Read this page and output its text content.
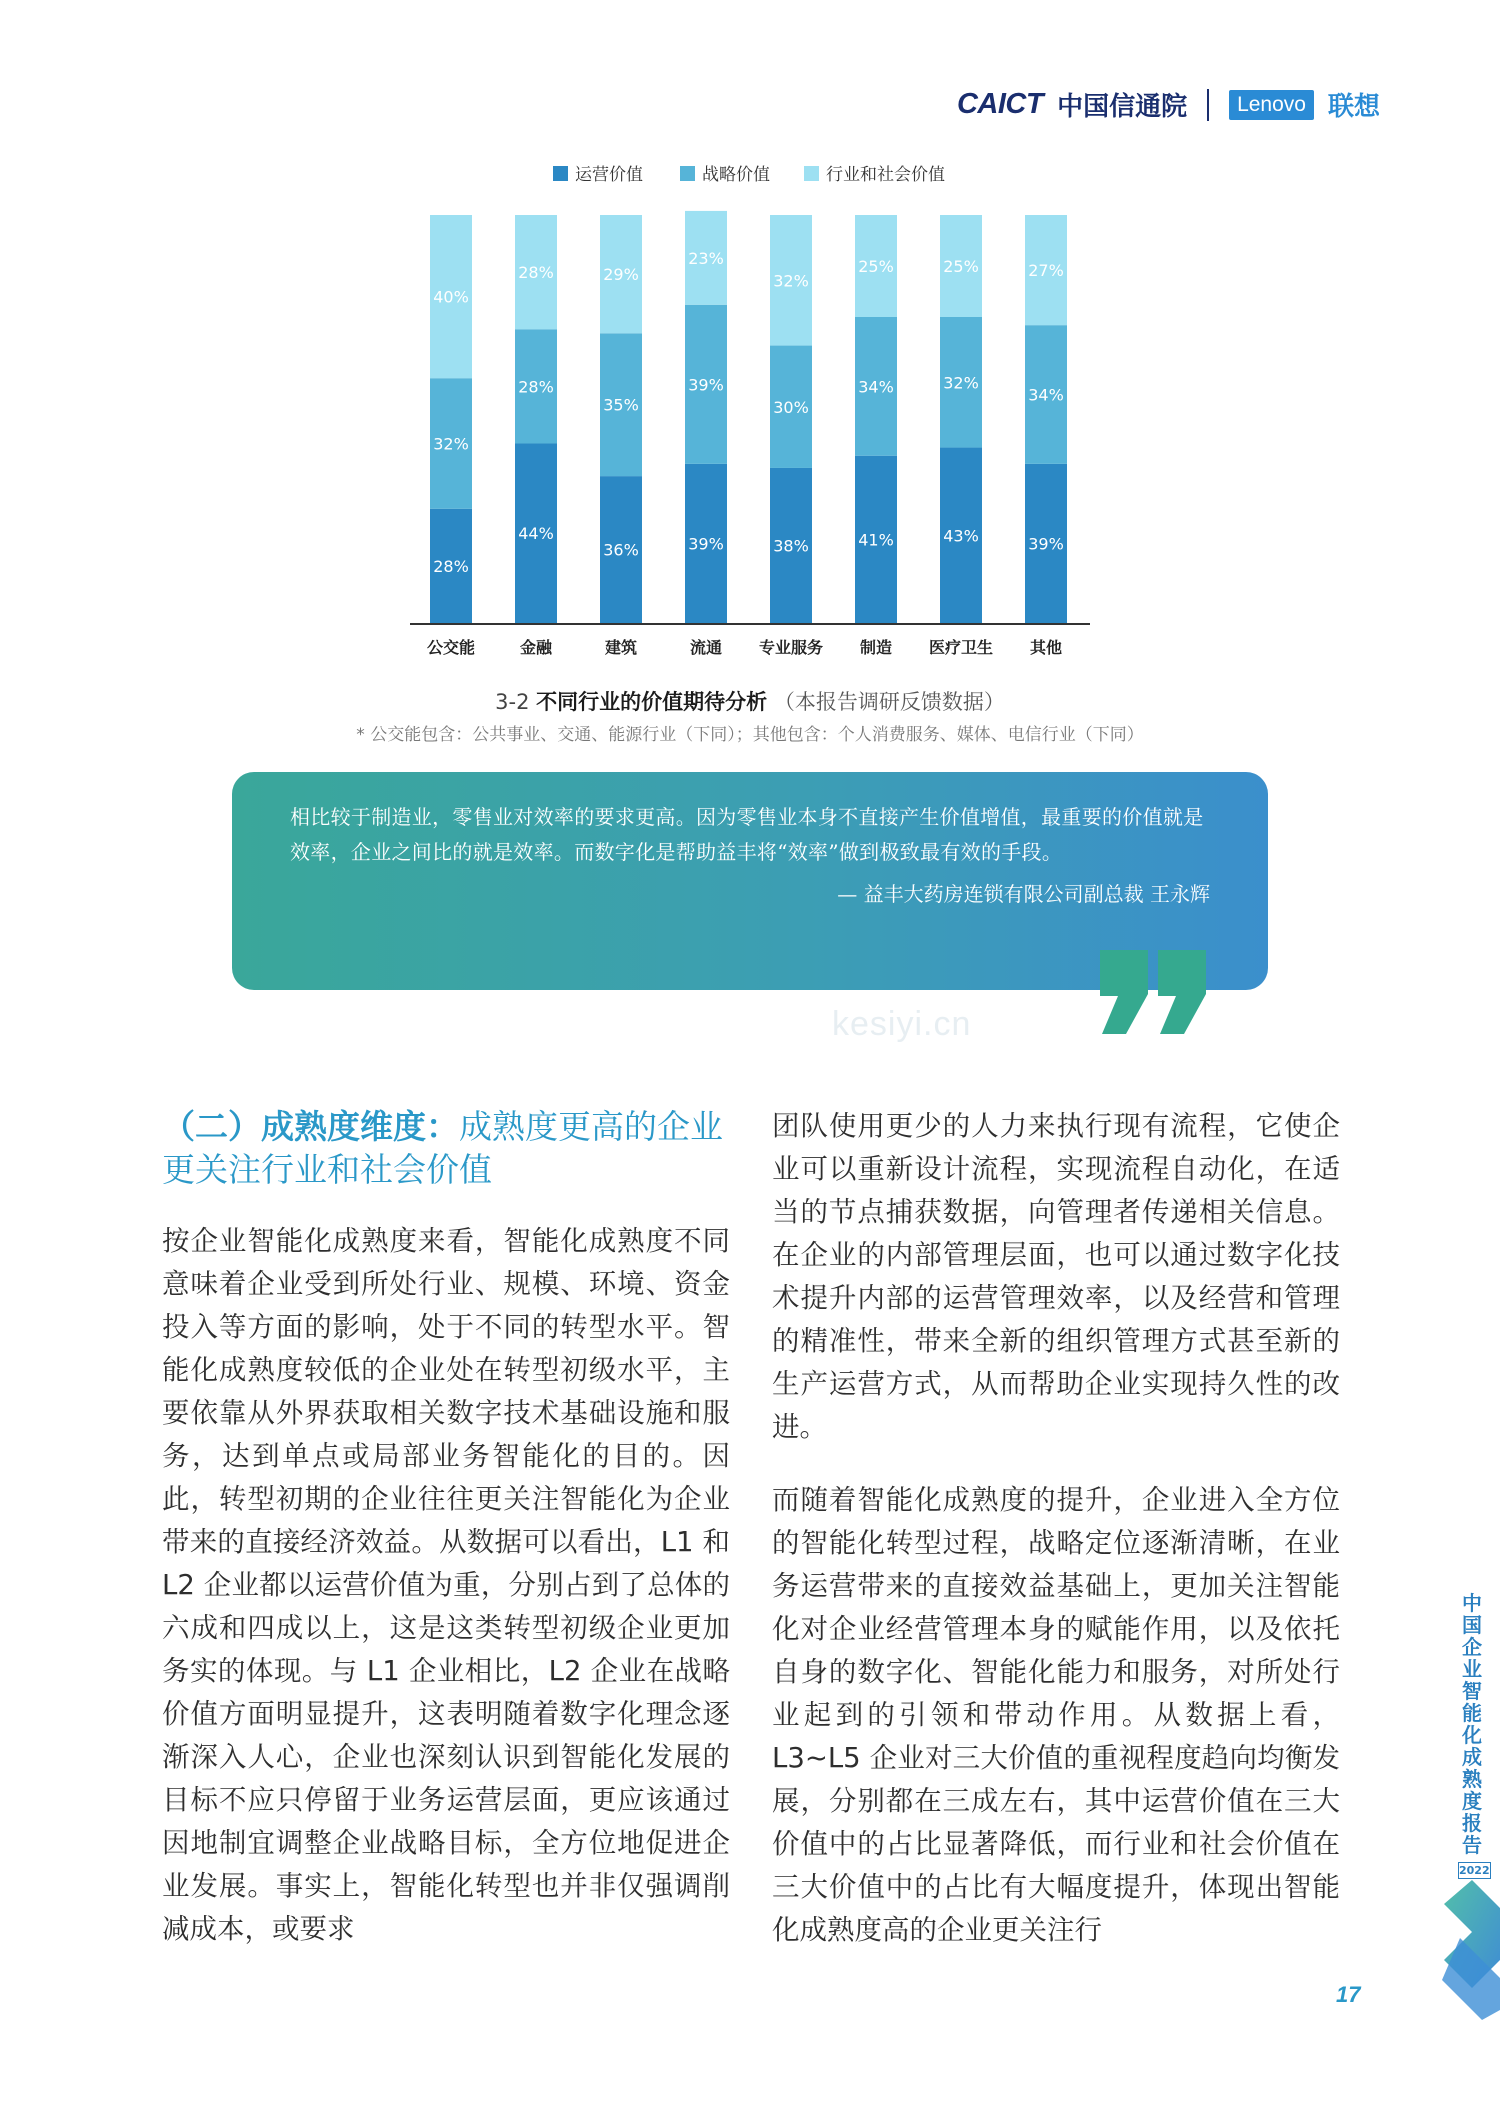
CAICT 中国信通院	Lenovo 联想
运营价值	战略价值	行业和社会价值
28%
32%
40%
公交能
44%
28%
28%
金融
36%
35%
29%
建筑
39%
39%
23%
流通
38%
30%
32%
专业服务
41%
34%
25%
制造
43%
32%
25%
医疗卫生
39%
34%
27%
其他
3-2 不同行业的价值期待分析 （本报告调研反馈数据）
* 公交能包含：公共事业、交通、能源行业（下同）；其他包含：个人消费服务、媒体、电信行业（下同）
相比较于制造业，零售业对效率的要求更高。因为零售业本身不直接产生价值增值，最重要的价值就是效率，企业之间比的就是效率。而数字化是帮助益丰将“效率”做到极致最有效的手段。
— 益丰大药房连锁有限公司副总裁 王永辉
kesiyi.cn
（二）成熟度维度：成熟度更高的企业更关注行业和社会价值

按企业智能化成熟度来看，智能化成熟度不同意味着企业受到所处行业、规模、环境、资金投入等方面的影响，处于不同的转型水平。智能化成熟度较低的企业处在转型初级水平，主要依靠从外界获取相关数字技术基础设施和服务，达到单点或局部业务智能化的目的。因此，转型初期的企业往往更关注智能化为企业带来的直接经济效益。从数据可以看出，L1 和 L2 企业都以运营价值为重，分别占到了总体的六成和四成以上，这是这类转型初级企业更加务实的体现。与 L1 企业相比，L2 企业在战略价值方面明显提升，这表明随着数字化理念逐渐深入人心，企业也深刻认识到智能化发展的目标不应只停留于业务运营层面，更应该通过因地制宜调整企业战略目标，全方位地促进企业发展。事实上，智能化转型也并非仅强调削减成本，或要求

团队使用更少的人力来执行现有流程，它使企业可以重新设计流程，实现流程自动化，在适当的节点捕获数据，向管理者传递相关信息。在企业的内部管理层面，也可以通过数字化技术提升内部的运营管理效率，以及经营和管理的精准性，带来全新的组织管理方式甚至新的生产运营方式，从而帮助企业实现持久性的改进。

而随着智能化成熟度的提升，企业进入全方位的智能化转型过程，战略定位逐渐清晰，在业务运营带来的直接效益基础上，更加关注智能化对企业经营管理本身的赋能作用，以及依托自身的数字化、智能化能力和服务，对所处行业起到的引领和带动作用。从数据上看，L3~L5 企业对三大价值的重视程度趋向均衡发展，分别都在三成左右，其中运营价值在三大价值中的占比显著降低，而行业和社会价值在三大价值中的占比有大幅度提升，体现出智能化成熟度高的企业更关注行

中国企业智能化成熟度报告
2022
17
